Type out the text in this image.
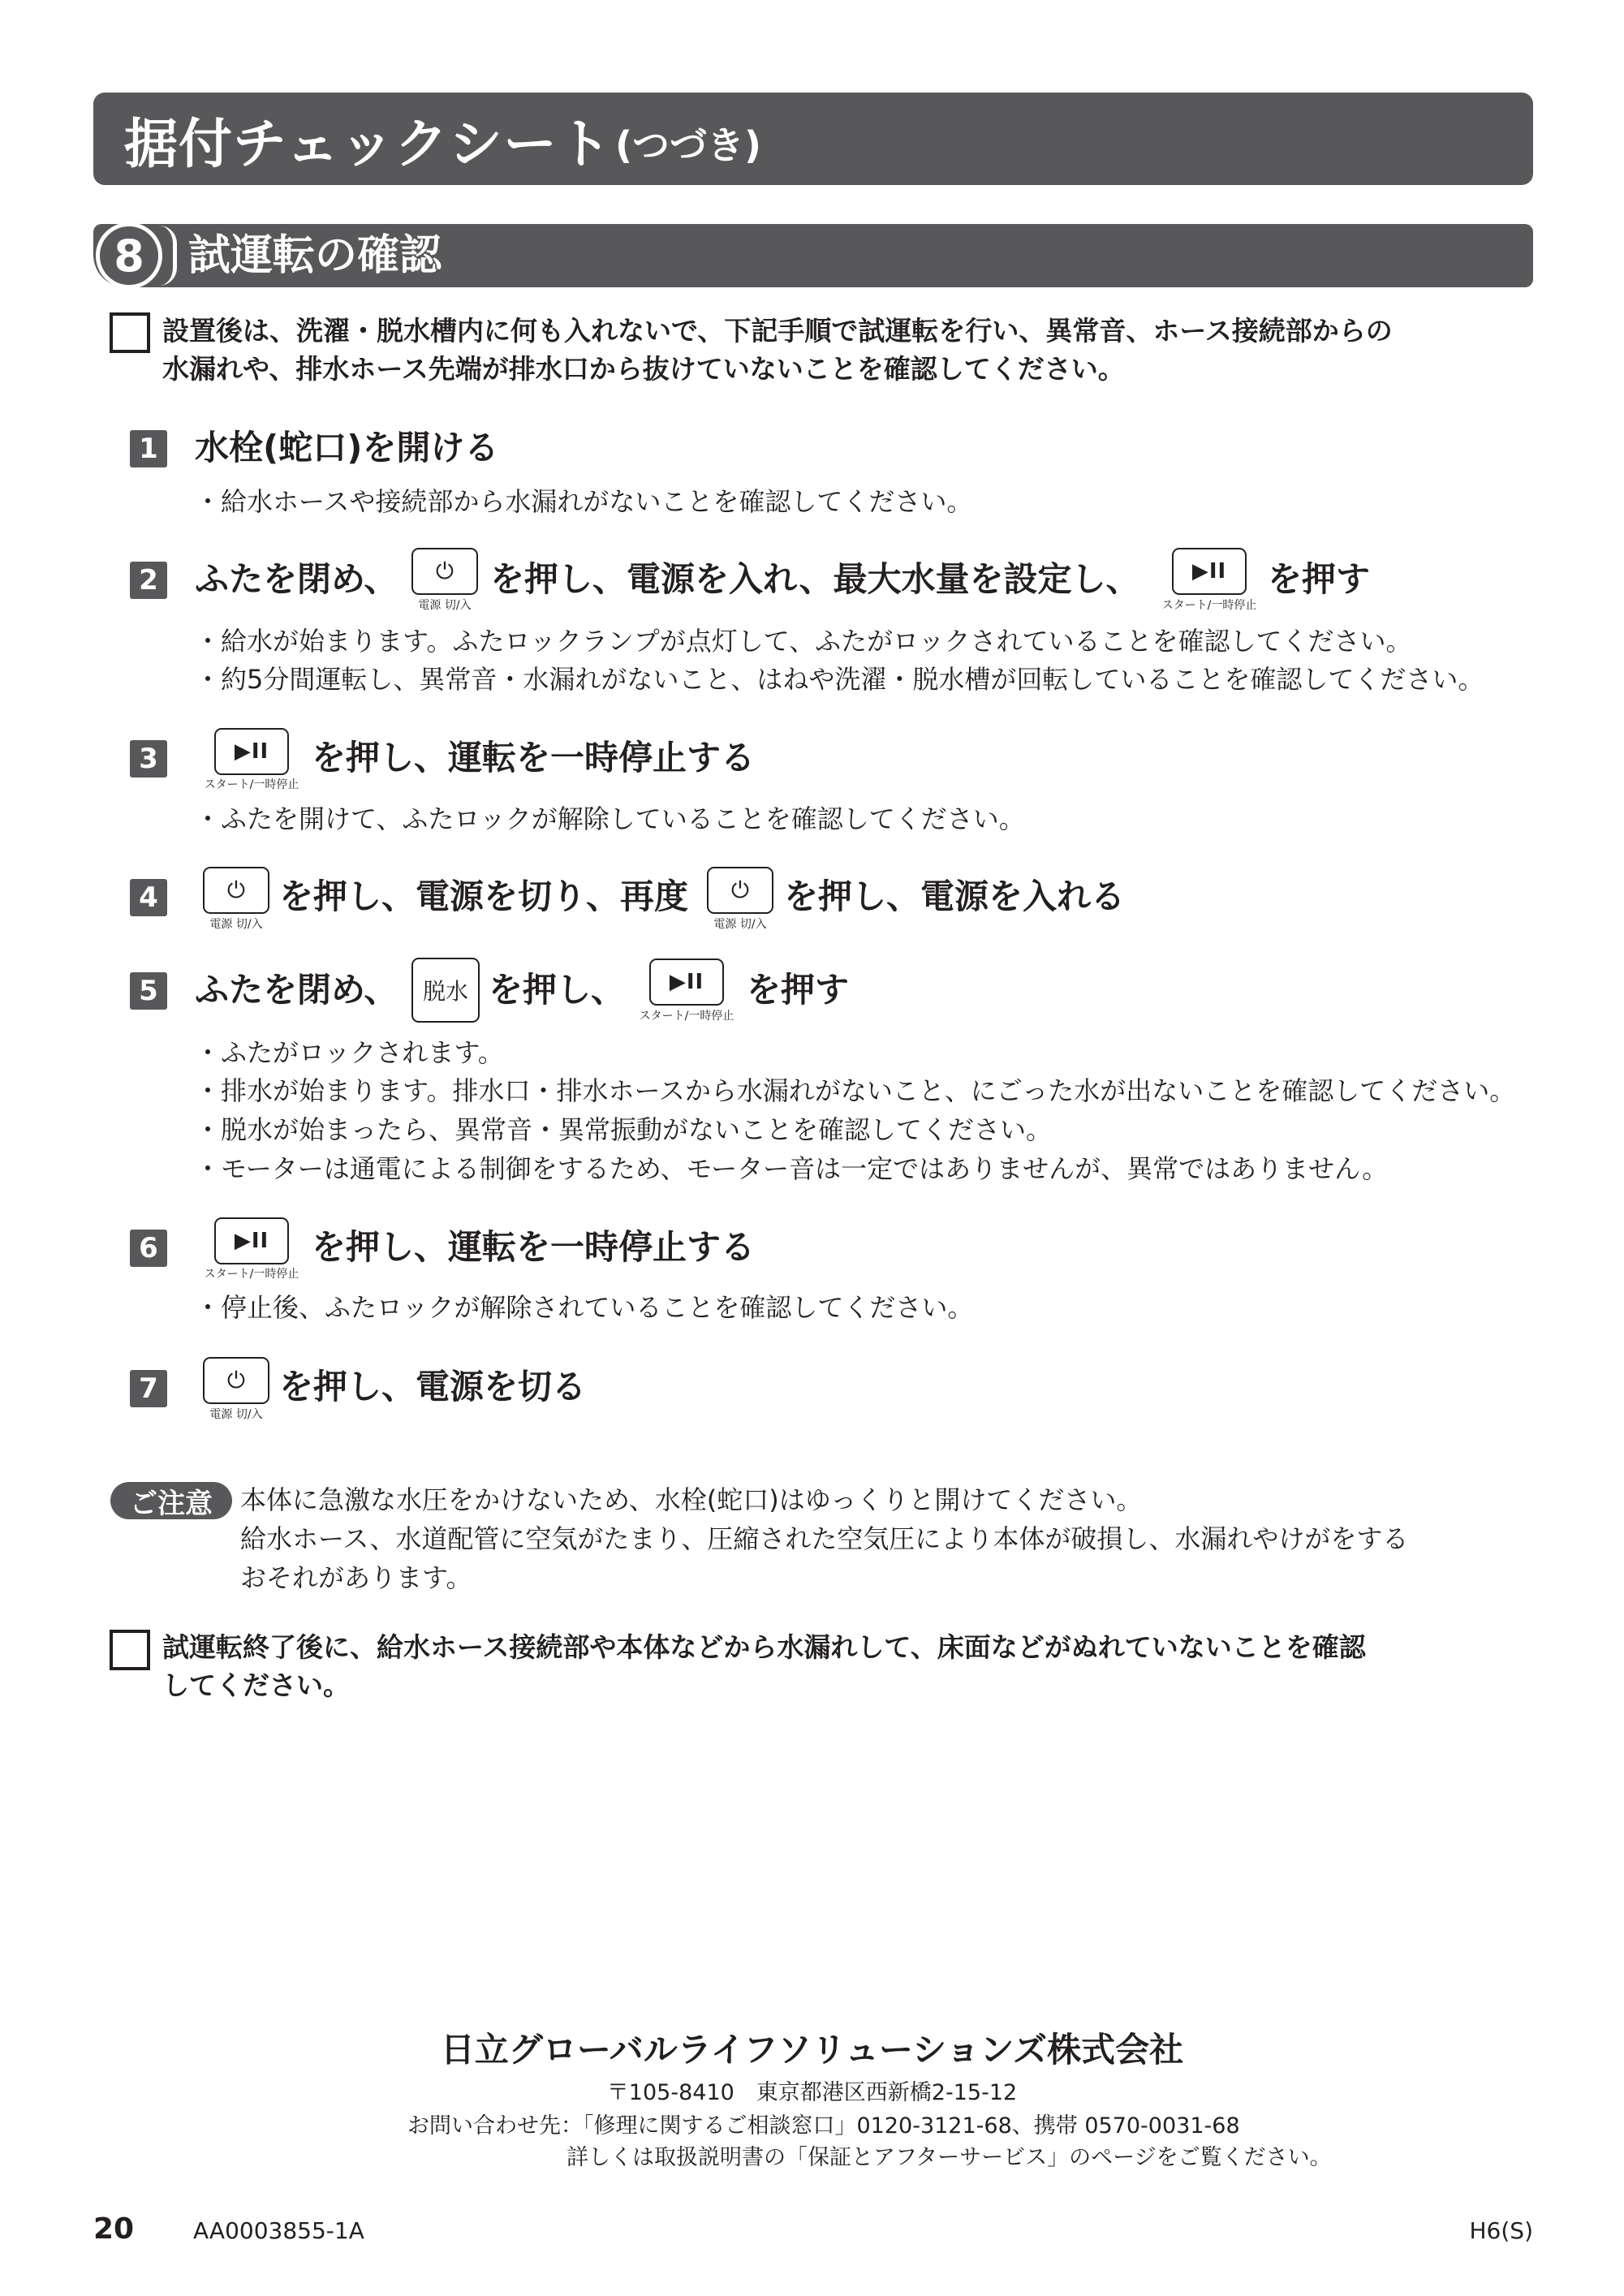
据付チェックシート (つづき)
8	試運転の確認
設置後は、洗濯・脱水槽内に何も入れないで、下記手順で試運転を行い、異常音、ホース接続部からの
水漏れや、排水ホース先端が排水口から抜けていないことを確認してください。
1 水栓(蛇口)を開ける
・給水ホースや接続部から水漏れがないことを確認してください。
2 ふたを閉め、 ⏻
電源 切/入
を押し、電源を入れ、最大水量を設定し、 ▶II
スタート/一時停止
を押す
・給水が始まります。ふたロックランプが点灯して、ふたがロックされていることを確認してください。
・約5分間運転し、異常音・水漏れがないこと、はねや洗濯・脱水槽が回転していることを確認してください。
3	▶II
スタート/一時停止
を押し、運転を一時停止する
・ふたを開けて、ふたロックが解除していることを確認してください。
4	⏻
電源 切/入
を押し、電源を切り、再度 ⏻
電源 切/入
を押し、電源を入れる
5 ふたを閉め、 脱水 を押し、 ▶II
スタート/一時停止
を押す
・ふたがロックされます。
・排水が始まります。排水口・排水ホースから水漏れがないこと、にごった水が出ないことを確認してください。
・脱水が始まったら、異常音・異常振動がないことを確認してください。
・モーターは通電による制御をするため、モーター音は一定ではありませんが、異常ではありません。
6	▶II
スタート/一時停止
を押し、運転を一時停止する
・停止後、ふたロックが解除されていることを確認してください。
7	⏻
電源 切/入
を押し、電源を切る
ご注意	本体に急激な水圧をかけないため、水栓(蛇口)はゆっくりと開けてください。
給水ホース、水道配管に空気がたまり、圧縮された空気圧により本体が破損し、水漏れやけがをする
おそれがあります。
試運転終了後に、給水ホース接続部や本体などから水漏れして、床面などがぬれていないことを確認
してください。
日立グローバルライフソリューションズ株式会社
〒105-8410　東京都港区西新橋2-15-12
お問い合わせ先：「修理に関するご相談窓口」0120-3121-68、携帯 0570-0031-68
詳しくは取扱説明書の「保証とアフターサービス」のページをご覧ください。
20	AA0003855-1A	H6(S)
